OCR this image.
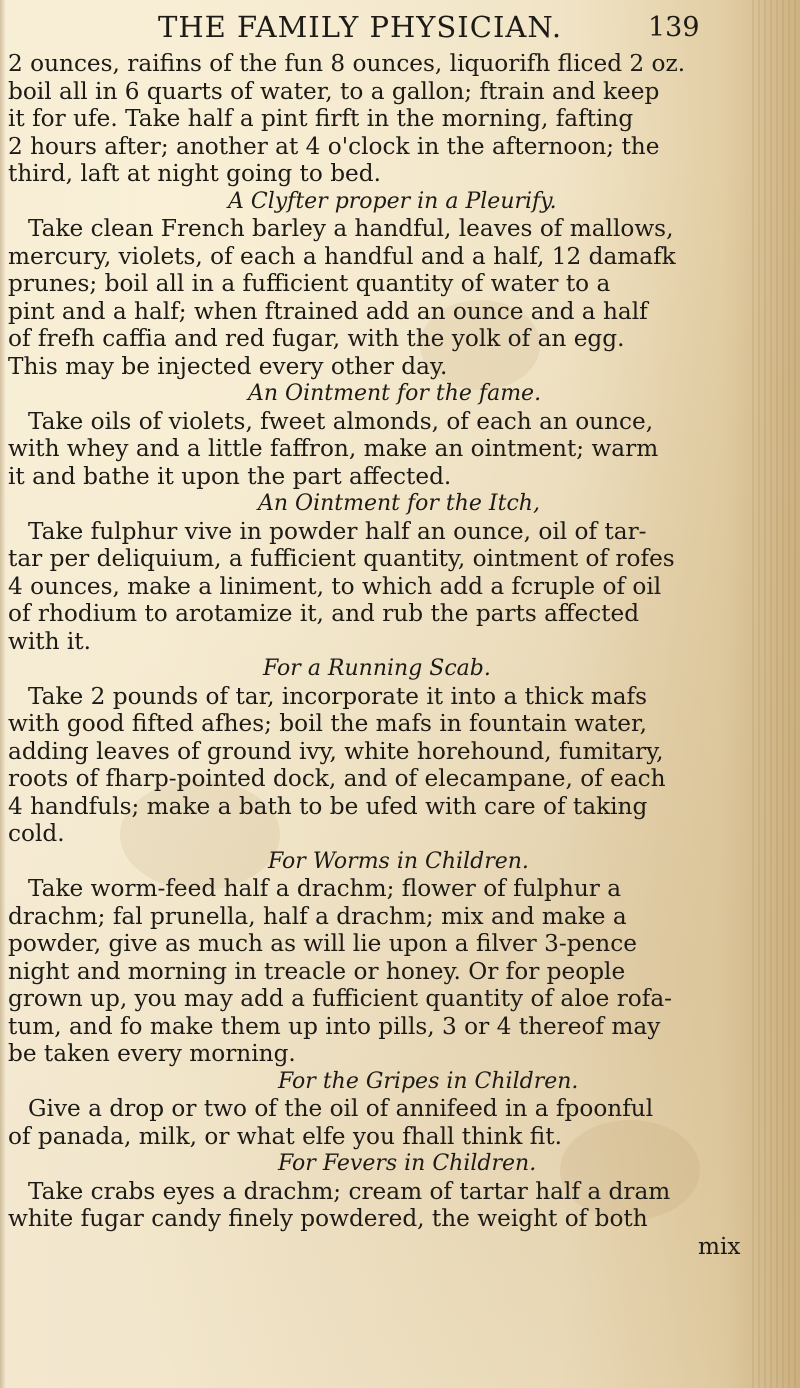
THE FAMILY PHYSICIAN.	139
2 ounces, raifins of the fun 8 ounces, liquorifh fliced 2 oz.
boil all in 6 quarts of water, to a gallon; ftrain and keep
it for ufe. Take half a pint firft in the morning, fafting
2 hours after; another at 4 o'clock in the afternoon; the
third, laft at night going to bed.
A Clyfter proper in a Pleurify.
Take clean French barley a handful, leaves of mallows,
mercury, violets, of each a handful and a half, 12 damafk
prunes; boil all in a fufficient quantity of water to a
pint and a half; when ftrained add an ounce and a half
of frefh caffia and red fugar, with the yolk of an egg.
This may be injected every other day.
An Ointment for the fame.
Take oils of violets, fweet almonds, of each an ounce,
with whey and a little faffron, make an ointment; warm
it and bathe it upon the part affected.
An Ointment for the Itch,
Take fulphur vive in powder half an ounce, oil of tar-
tar per deliquium, a fufficient quantity, ointment of rofes
4 ounces, make a liniment, to which add a fcruple of oil
of rhodium to arotamize it, and rub the parts affected
with it.
For a Running Scab.
Take 2 pounds of tar, incorporate it into a thick mafs
with good fifted afhes; boil the mafs in fountain water,
adding leaves of ground ivy, white horehound, fumitary,
roots of fharp-pointed dock, and of elecampane, of each
4 handfuls; make a bath to be ufed with care of taking
cold.
For Worms in Children.
Take worm-feed half a drachm; flower of fulphur a
drachm; fal prunella, half a drachm; mix and make a
powder, give as much as will lie upon a filver 3-pence
night and morning in treacle or honey. Or for people
grown up, you may add a fufficient quantity of aloe rofa-
tum, and fo make them up into pills, 3 or 4 thereof may
be taken every morning.
For the Gripes in Children.
Give a drop or two of the oil of annifeed in a fpoonful
of panada, milk, or what elfe you fhall think fit.
For Fevers in Children.
Take crabs eyes a drachm; cream of tartar half a dram
white fugar candy finely powdered, the weight of both
mix
